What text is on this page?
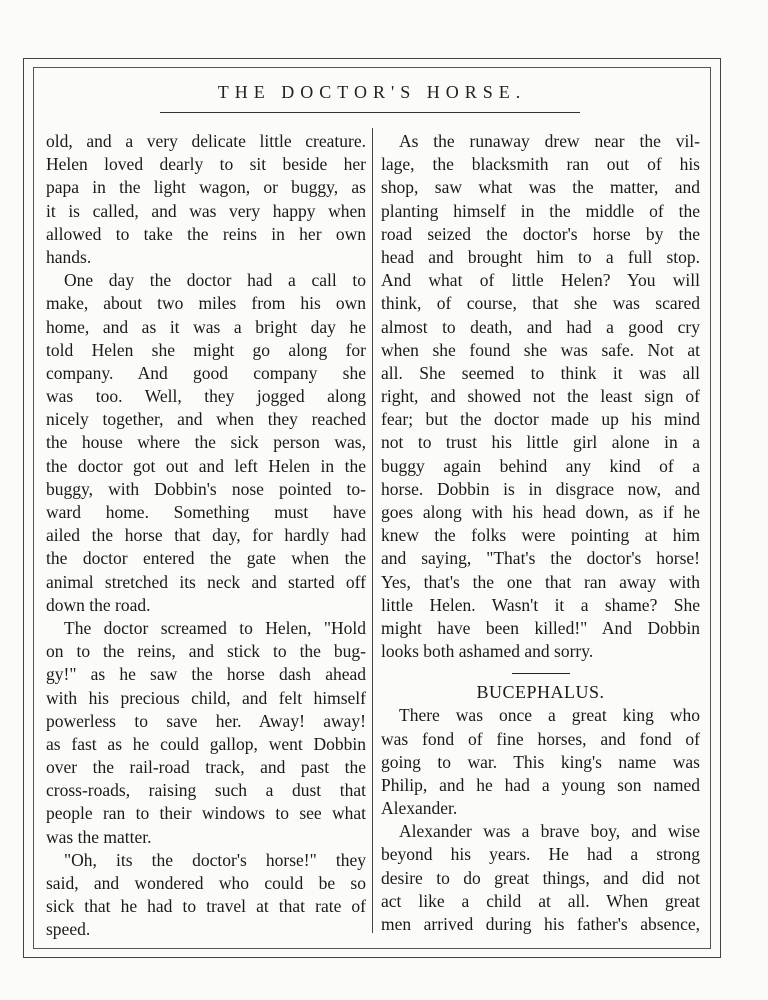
THE DOCTOR'S HORSE.
old, and a very delicate little creature.
Helen loved dearly to sit beside her
papa in the light wagon, or buggy, as
it is called, and was very happy when
allowed to take the reins in her own
hands.
One day the doctor had a call to
make, about two miles from his own
home, and as it was a bright day he
told Helen she might go along for
company. And good company she
was too. Well, they jogged along
nicely together, and when they reached
the house where the sick person was,
the doctor got out and left Helen in the
buggy, with Dobbin's nose pointed to-
ward home. Something must have
ailed the horse that day, for hardly had
the doctor entered the gate when the
animal stretched its neck and started off
down the road.
The doctor screamed to Helen, "Hold
on to the reins, and stick to the bug-
gy!" as he saw the horse dash ahead
with his precious child, and felt himself
powerless to save her. Away! away!
as fast as he could gallop, went Dobbin
over the rail-road track, and past the
cross-roads, raising such a dust that
people ran to their windows to see what
was the matter.
"Oh, its the doctor's horse!" they
said, and wondered who could be so
sick that he had to travel at that rate of
speed.
As the runaway drew near the vil-
lage, the blacksmith ran out of his
shop, saw what was the matter, and
planting himself in the middle of the
road seized the doctor's horse by the
head and brought him to a full stop.
And what of little Helen? You will
think, of course, that she was scared
almost to death, and had a good cry
when she found she was safe. Not at
all. She seemed to think it was all
right, and showed not the least sign of
fear; but the doctor made up his mind
not to trust his little girl alone in a
buggy again behind any kind of a
horse. Dobbin is in disgrace now, and
goes along with his head down, as if he
knew the folks were pointing at him
and saying, "That's the doctor's horse!
Yes, that's the one that ran away with
little Helen. Wasn't it a shame? She
might have been killed!" And Dobbin
looks both ashamed and sorry.
BUCEPHALUS.
There was once a great king who
was fond of fine horses, and fond of
going to war. This king's name was
Philip, and he had a young son named
Alexander.
Alexander was a brave boy, and wise
beyond his years. He had a strong
desire to do great things, and did not
act like a child at all. When great
men arrived during his father's absence,
